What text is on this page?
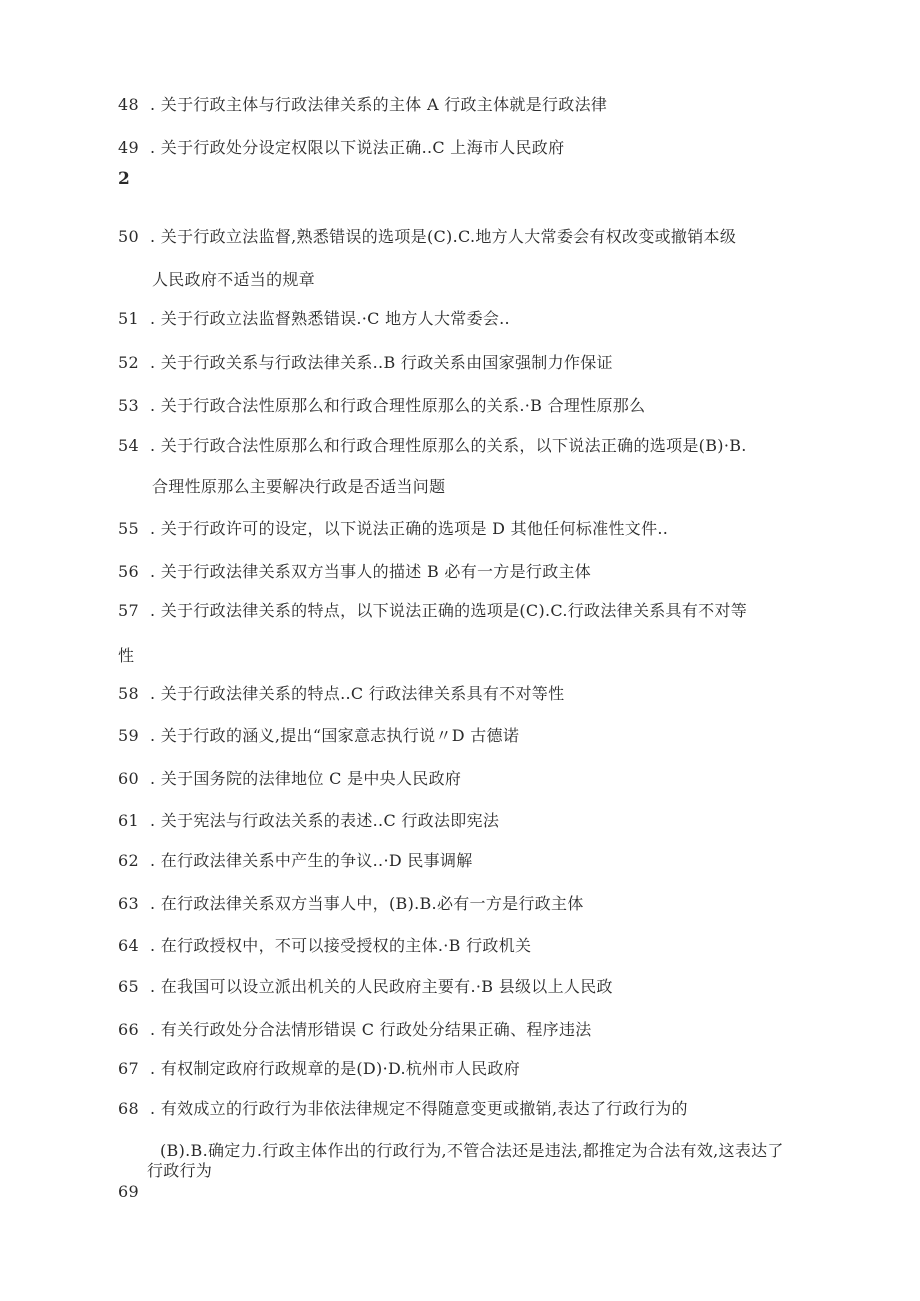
48 . 关于行政主体与行政法律关系的主体 A 行政主体就是行政法律
49 . 关于行政处分设定权限以下说法正确..C 上海市人民政府
2
50 . 关于行政立法监督,熟悉错误的选项是(C).C.地方人大常委会有权改变或撤销本级
人民政府不适当的规章
51 . 关于行政立法监督熟悉错误.·C 地方人大常委会..
52 . 关于行政关系与行政法律关系..B 行政关系由国家强制力作保证
53 . 关于行政合法性原那么和行政合理性原那么的关系.·B 合理性原那么
54 . 关于行政合法性原那么和行政合理性原那么的关系，以下说法正确的选项是(B)·B.
合理性原那么主要解决行政是否适当问题
55 . 关于行政许可的设定，以下说法正确的选项是 D 其他任何标准性文件..
56 . 关于行政法律关系双方当事人的描述 B 必有一方是行政主体
57 . 关于行政法律关系的特点，以下说法正确的选项是(C).C.行政法律关系具有不对等
性
58 . 关于行政法律关系的特点..C 行政法律关系具有不对等性
59 . 关于行政的涵义,提出“国家意志执行说〃D 古德诺
60 . 关于国务院的法律地位 C 是中央人民政府
61 . 关于宪法与行政法关系的表述..C 行政法即宪法
62 . 在行政法律关系中产生的争议..·D 民事调解
63 . 在行政法律关系双方当事人中，(B).B.必有一方是行政主体
64 . 在行政授权中，不可以接受授权的主体.·B 行政机关
65 . 在我国可以设立派出机关的人民政府主要有.·B 县级以上人民政
66 . 有关行政处分合法情形错误 C 行政处分结果正确、程序违法
67 . 有权制定政府行政规章的是(D)·D.杭州市人民政府
68 . 有效成立的行政行为非依法律规定不得随意变更或撤销,表达了行政行为的
(B).B.确定力.行政主体作出的行政行为,不管合法还是违法,都推定为合法有效,这表达了
行政行为
69
